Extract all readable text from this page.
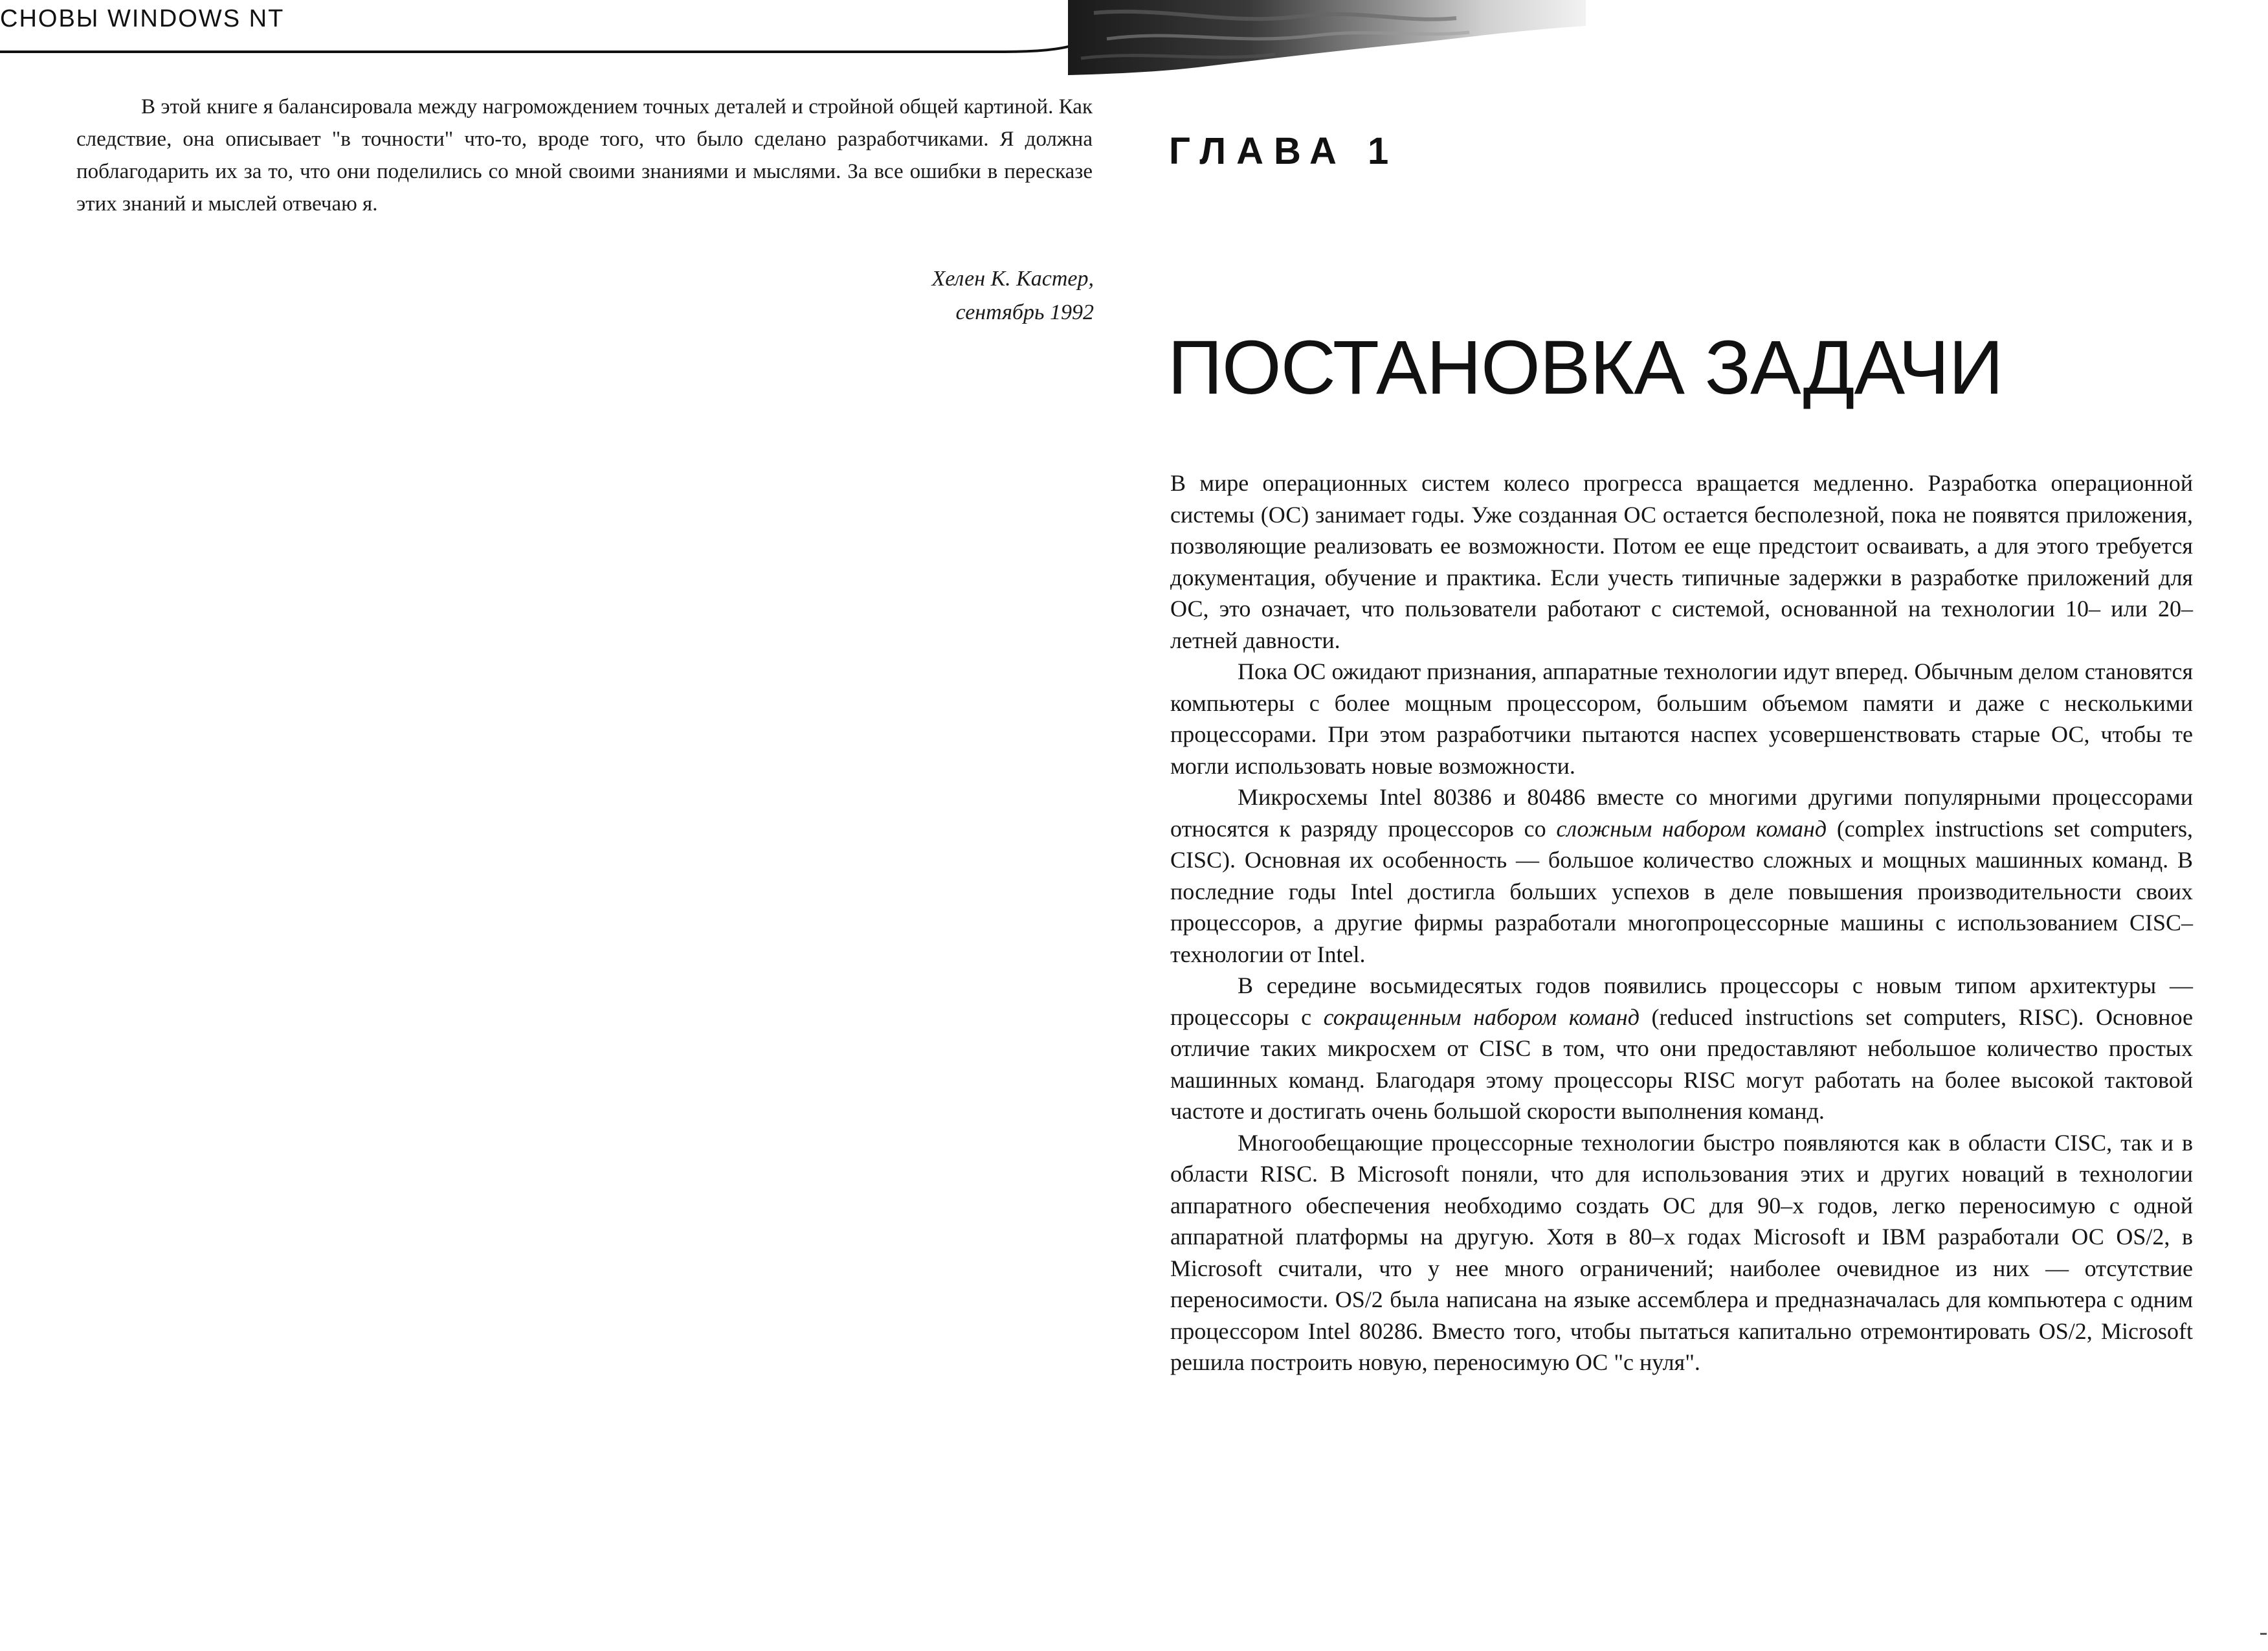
СНОВЫ WINDOWS NT

В этой книге я балансировала между нагромождением точных деталей и стройной общей картиной. Как следствие, она описывает "в точности" что-то, вроде того, что было сделано разработчиками. Я должна поблагодарить их за то, что они поделились со мной своими знаниями и мыслями. За все ошибки в пересказе этих знаний и мыслей отвечаю я.

Хелен К. Кастер,
сентябрь 1992
ГЛАВА 1
ПОСТАНОВКА ЗАДАЧИ

В мире операционных систем колесо прогресса вращается медленно. Разработка операционной системы (ОС) занимает годы. Уже созданная ОС остается бесполезной, пока не появятся приложения, позволяющие реализовать ее возможности. Потом ее еще предстоит осваивать, а для этого требуется документация, обучение и практика. Если учесть типичные задержки в разработке приложений для ОС, это означает, что пользователи работают с системой, основанной на технологии 10– или 20–летней давности.

Пока ОС ожидают признания, аппаратные технологии идут вперед. Обычным делом становятся компьютеры с более мощным процессором, большим объемом памяти и даже с несколькими процессорами. При этом разработчики пытаются наспех усовершенствовать старые ОС, чтобы те могли использовать новые возможности.

Микросхемы Intel 80386 и 80486 вместе со многими другими популярными процессорами относятся к разряду процессоров со сложным набором команд (complex instructions set computers, CISC). Основная их особенность — большое количество сложных и мощных машинных команд. В последние годы Intel достигла больших успехов в деле повышения производительности своих процессоров, а другие фирмы разработали многопроцессорные машины с использованием CISC–технологии от Intel.

В середине восьмидесятых годов появились процессоры с новым типом архитектуры — процессоры с сокращенным набором команд (reduced instructions set computers, RISC). Основное отличие таких микросхем от CISC в том, что они предоставляют небольшое количество простых машинных команд. Благодаря этому процессоры RISC могут работать на более высокой тактовой частоте и достигать очень большой скорости выполнения команд.

Многообещающие процессорные технологии быстро появляются как в области CISC, так и в области RISC. В Microsoft поняли, что для использования этих и других новаций в технологии аппаратного обеспечения необходимо создать ОС для 90–х годов, легко переносимую с одной аппаратной платформы на другую. Хотя в 80–х годах Microsoft и IBM разработали ОС OS/2, в Microsoft считали, что у нее много ограничений; наиболее очевидное из них — отсутствие переносимости. OS/2 была написана на языке ассемблера и предназначалась для компьютера с одним процессором Intel 80286. Вместо того, чтобы пытаться капитально отремонтировать OS/2, Microsoft решила построить новую, переносимую ОС "с нуля".
